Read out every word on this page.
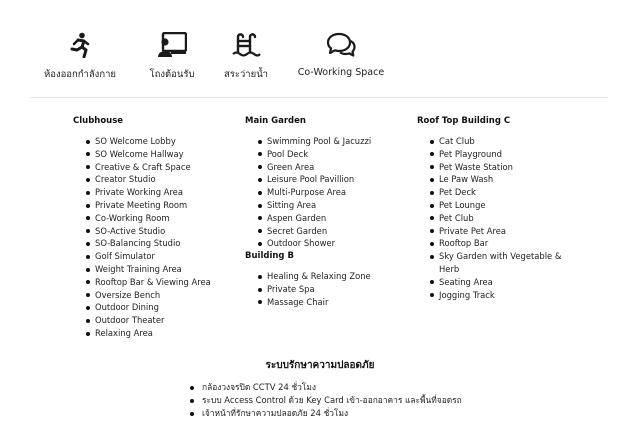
ห้องออกกำลังกาย	โถงต้อนรับ	สระว่ายน้ำ	Co-Working Space
Clubhouse
SO Welcome Lobby
SO Welcome Hallway
Creative & Craft Space
Creator Studio
Private Working Area
Private Meeting Room
Co-Working Room
SO-Active Studio
SO-Balancing Studio
Golf Simulator
Weight Training Area
Rooftop Bar & Viewing Area
Oversize Bench
Outdoor Dining
Outdoor Theater
Relaxing Area
Main Garden
Swimming Pool & Jacuzzi
Pool Deck
Green Area
Leisure Pool Pavillion
Multi-Purpose Area
Sitting Area
Aspen Garden
Secret Garden
Outdoor Shower
Building B
Healing & Relaxing Zone
Private Spa
Massage Chair
Roof Top Building C
Cat Club
Pet Playground
Pet Waste Station
Le Paw Wash
Pet Deck
Pet Lounge
Pet Club
Private Pet Area
Rooftop Bar
Sky Garden with Vegetable & Herb
Seating Area
Jogging Track
ระบบรักษาความปลอดภัย
กล้องวงจรปิด CCTV 24 ชั่วโมง
ระบบ Access Control ด้วย Key Card เข้า-ออกอาคาร และพื้นที่จอดรถ
เจ้าหน้าที่รักษาความปลอดภัย 24 ชั่วโมง
